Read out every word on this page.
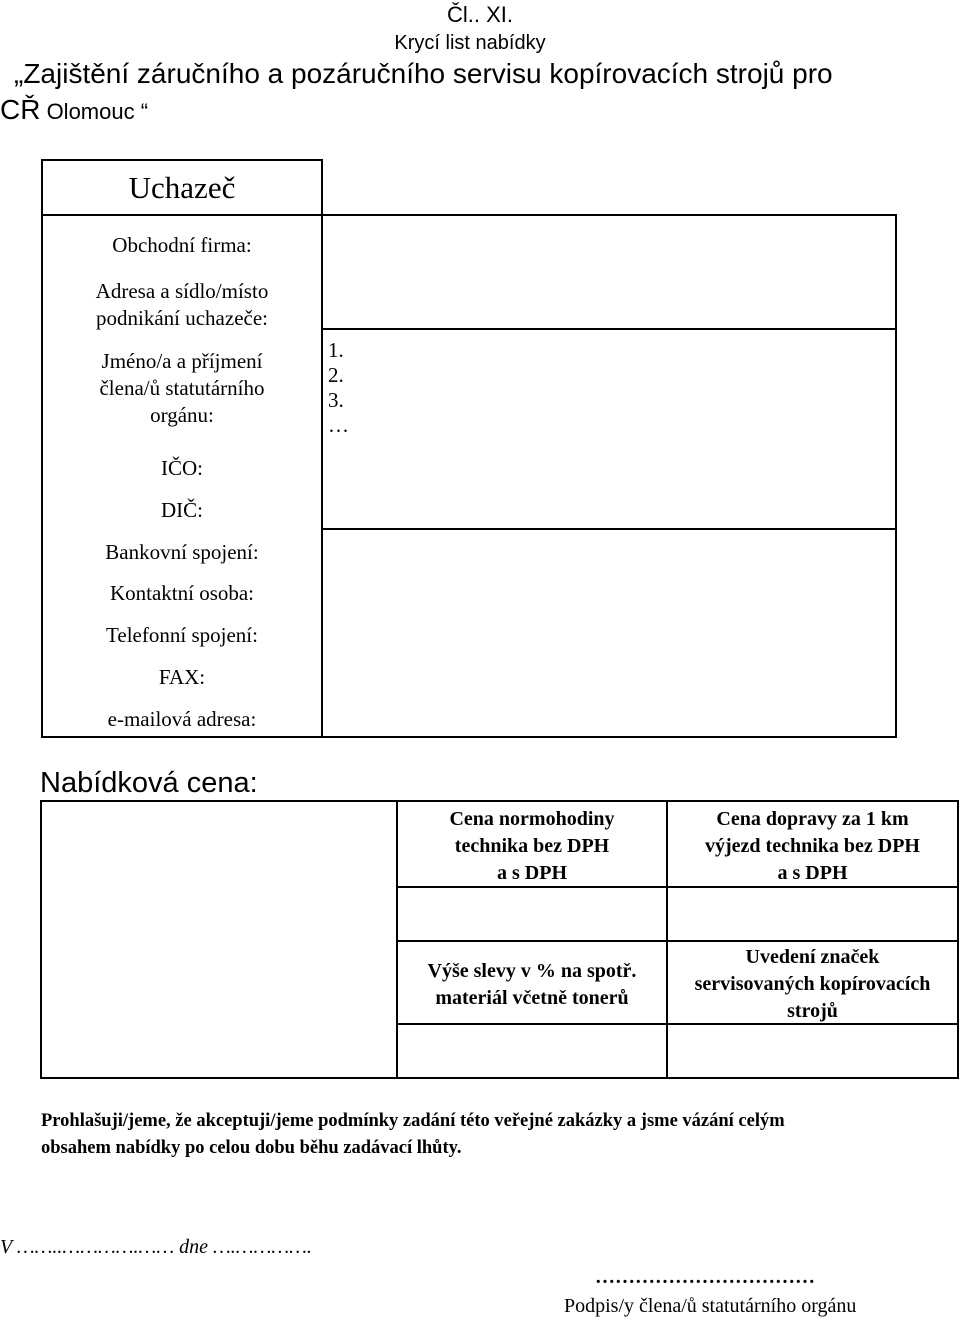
Čl.. XI.
Krycí list nabídky
„Zajištění záručního a pozáručního servisu kopírovacích strojů pro
CŘ Olomouc “
Uchazeč
Obchodní firma:
Adresa a sídlo/místo
podnikání uchazeče:
Jméno/a a příjmení
člena/ů statutárního
orgánu:
IČO:
DIČ:
Bankovní spojení:
Kontaktní osoba:
Telefonní spojení:
FAX:
e-mailová adresa:
1.
2.
3.
…
Nabídková cena:
Cena normohodiny
technika bez DPH
a s DPH
Cena dopravy za 1 km
výjezd technika bez DPH
a s DPH
Výše slevy v % na spotř.
materiál včetně tonerů
Uvedení značek
servisovaných kopírovacích
strojů
Prohlašuji/jeme, že akceptuji/jeme podmínky zadání této veřejné zakázky a jsme vázání celým
obsahem nabídky po celou dobu běhu zadávací lhůty.
V ……..………….…… dne ….………….
……………………………
Podpis/y člena/ů statutárního orgánu
